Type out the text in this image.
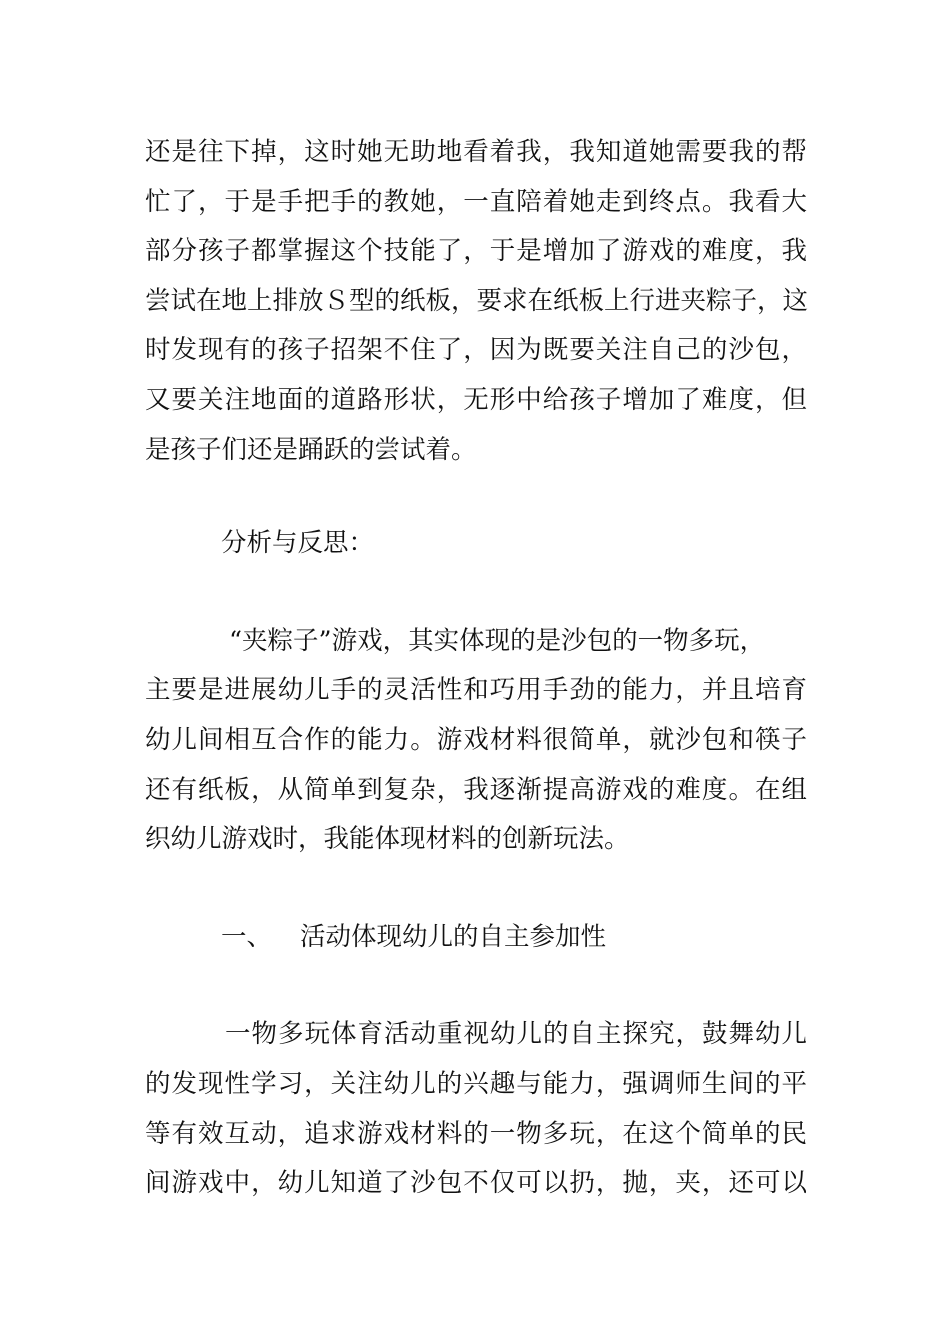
还是往下掉，这时她无助地看着我，我知道她需要我的帮
忙了，于是手把手的教她，一直陪着她走到终点。我看大
部分孩子都掌握这个技能了，于是增加了游戏的难度，我
尝试在地上排放Ｓ型的纸板，要求在纸板上行进夹粽子，这
时发现有的孩子招架不住了，因为既要关注自己的沙包，
又要关注地面的道路形状，无形中给孩子增加了难度，但
是孩子们还是踊跃的尝试着。

分析与反思：

“夹粽子”游戏，其实体现的是沙包的一物多玩，
主要是进展幼儿手的灵活性和巧用手劲的能力，并且培育
幼儿间相互合作的能力。游戏材料很简单，就沙包和筷子
还有纸板，从简单到复杂，我逐渐提高游戏的难度。在组
织幼儿游戏时，我能体现材料的创新玩法。

一、 活动体现幼儿的自主参加性

一物多玩体育活动重视幼儿的自主探究，鼓舞幼儿
的发现性学习，关注幼儿的兴趣与能力，强调师生间的平
等有效互动，追求游戏材料的一物多玩，在这个简单的民
间游戏中，幼儿知道了沙包不仅可以扔，抛，夹，还可以
